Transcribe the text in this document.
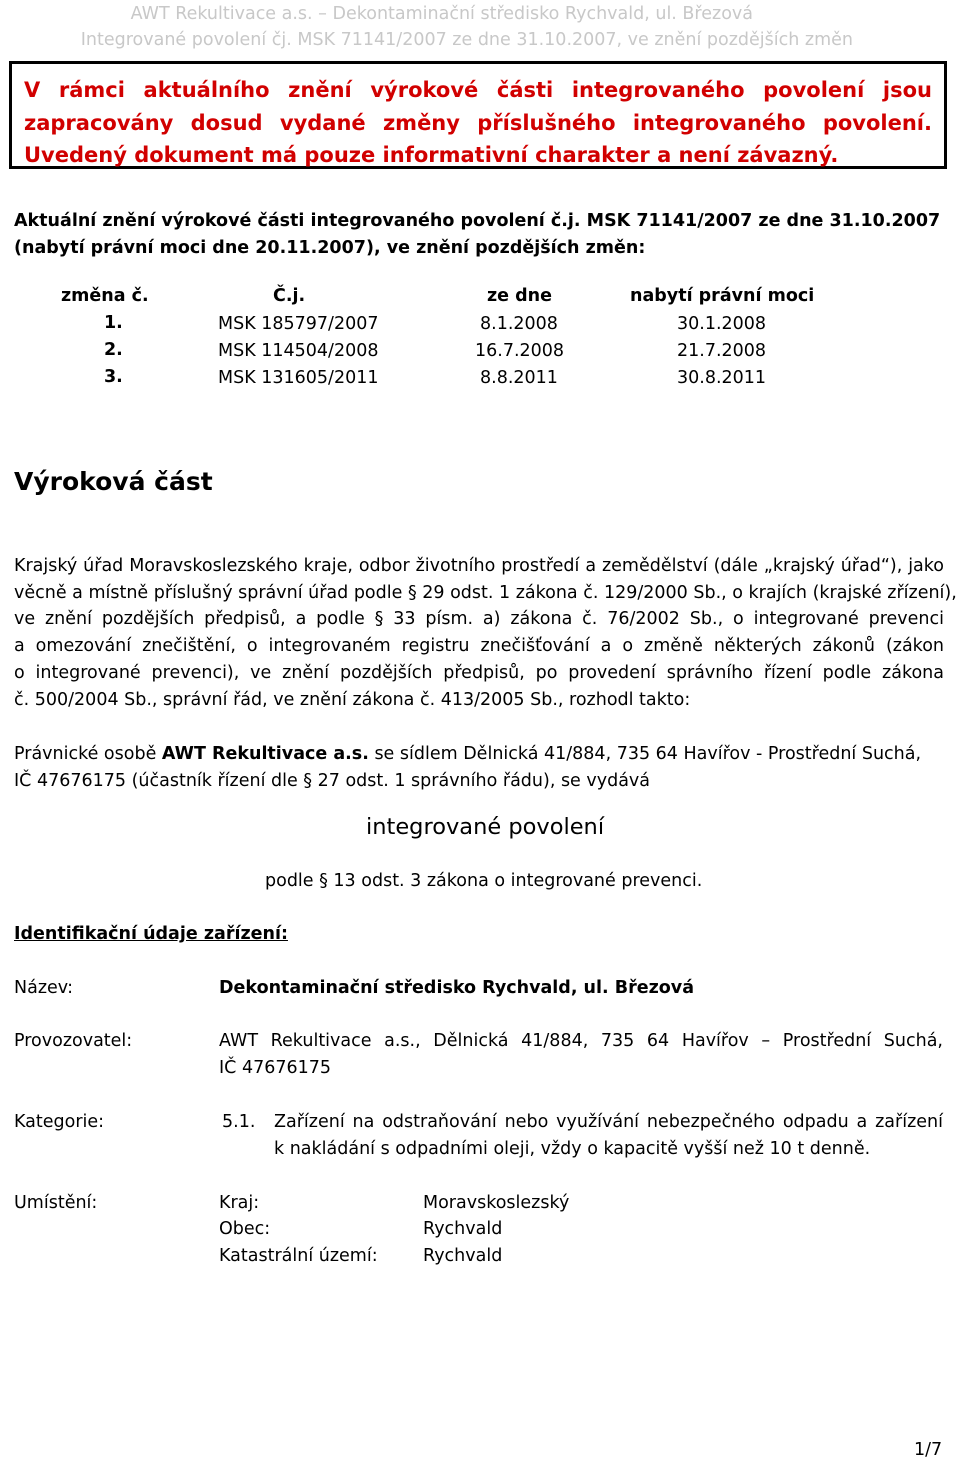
AWT Rekultivace a.s. – Dekontaminační středisko Rychvald, ul. Březová
Integrované povolení čj. MSK 71141/2007 ze dne 31.10.2007, ve znění pozdějších změn

V rámci aktuálního znění výrokové části integrovaného povolení jsou zapracovány dosud vydané změny příslušného integrovaného povolení. Uvedený dokument má pouze informativní charakter a není závazný.

Aktuální znění výrokové části integrovaného povolení č.j. MSK 71141/2007 ze dne 31.10.2007
(nabytí právní moci dne 20.11.2007), ve znění pozdějších změn:
změna č.	Č.j.	ze dne	nabytí právní moci
1.	MSK 185797/2007	8.1.2008	30.1.2008
2.	MSK 114504/2008	16.7.2008	21.7.2008
3.	MSK 131605/2011	8.8.2011	30.8.2011
Výroková část
Krajský úřad Moravskoslezského kraje, odbor životního prostředí a zemědělství (dále „krajský úřad“), jako
věcně a místně příslušný správní úřad podle § 29 odst. 1 zákona č. 129/2000 Sb., o krajích (krajské zřízení),
ve znění pozdějších předpisů, a podle § 33 písm. a) zákona č. 76/2002 Sb., o integrované prevenci
a omezování znečištění, o integrovaném registru znečišťování a o změně některých zákonů (zákon
o integrované prevenci), ve znění pozdějších předpisů, po provedení správního řízení podle zákona
č. 500/2004 Sb., správní řád, ve znění zákona č. 413/2005 Sb., rozhodl takto:
Právnické osobě AWT Rekultivace a.s. se sídlem Dělnická 41/884, 735 64 Havířov - Prostřední Suchá,
IČ 47676175 (účastník řízení dle § 27 odst. 1 správního řádu), se vydává
integrované povolení
podle § 13 odst. 3 zákona o integrované prevenci.
Identifikační údaje zařízení:
Název:	Dekontaminační středisko Rychvald, ul. Březová
Provozovatel:	AWT Rekultivace a.s., Dělnická 41/884, 735 64 Havířov – Prostřední Suchá,
IČ 47676175
Kategorie:	5.1. Zařízení na odstraňování nebo využívání nebezpečného odpadu a zařízení
k nakládání s odpadními oleji, vždy o kapacitě vyšší než 10 t denně.
Umístění:	Kraj:	Moravskoslezský
Obec:	Rychvald
Katastrální území:	Rychvald
1/7
